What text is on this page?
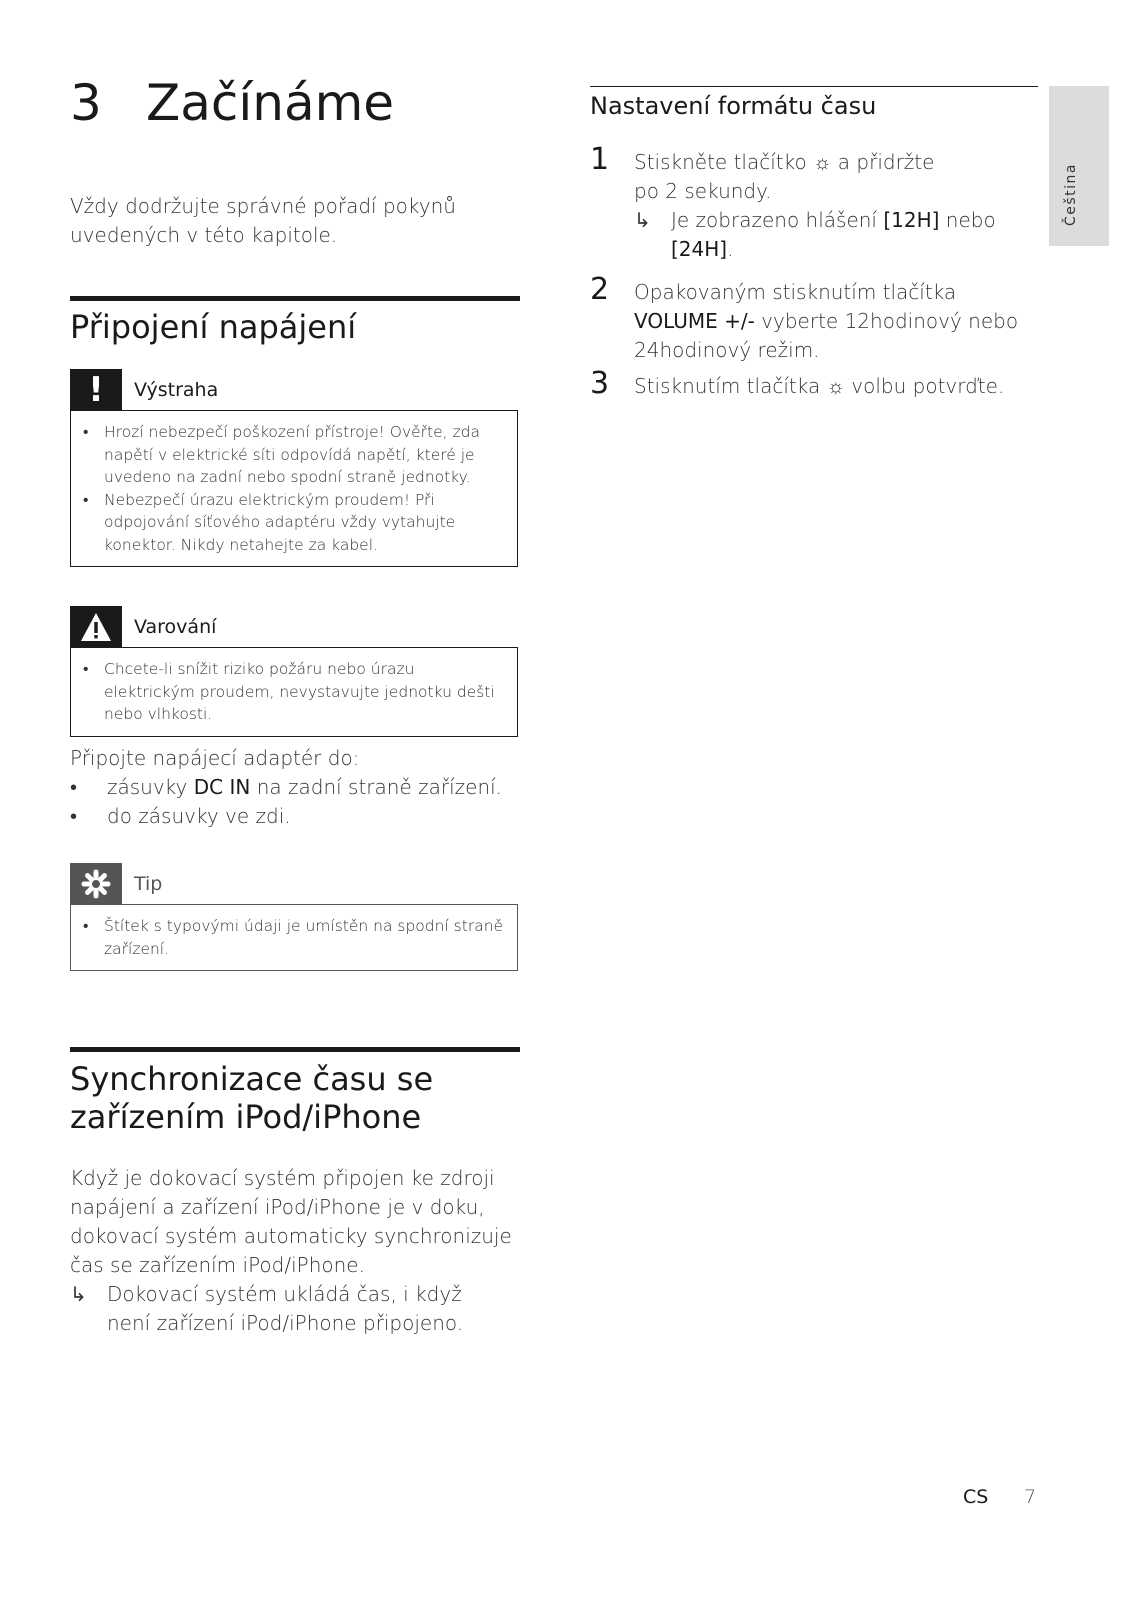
3 Začínáme
Vždy dodržujte správné pořadí pokynů uvedených v této kapitole.
Připojení napájení
!	Výstraha
• Hrozí nebezpečí poškození přístroje! Ověřte, zda napětí v elektrické síti odpovídá napětí, které je uvedeno na zadní nebo spodní straně jednotky.
• Nebezpečí úrazu elektrickým proudem! Při odpojování síťového adaptéru vždy vytahujte konektor. Nikdy netahejte za kabel.
Varování
• Chcete-li snížit riziko požáru nebo úrazu elektrickým proudem, nevystavujte jednotku dešti nebo vlhkosti.
Připojte napájecí adaptér do:
• zásuvky DC IN na zadní straně zařízení.
• do zásuvky ve zdi.
Tip
• Štítek s typovými údaji je umístěn na spodní straně zařízení.
Synchronizace času se
zařízením iPod/iPhone
Když je dokovací systém připojen ke zdroji napájení a zařízení iPod/iPhone je v doku, dokovací systém automaticky synchronizuje čas se zařízením iPod/iPhone.
↳ Dokovací systém ukládá čas, i když není zařízení iPod/iPhone připojeno.
Nastavení formátu času
1 Stiskněte tlačítko ☼ a přidržte po 2 sekundy.
↳ Je zobrazeno hlášení [12H] nebo [24H].
2 Opakovaným stisknutím tlačítka VOLUME +/- vyberte 12hodinový nebo 24hodinový režim.
3 Stisknutím tlačítka ☼ volbu potvrďte.
Čeština
CS 7
